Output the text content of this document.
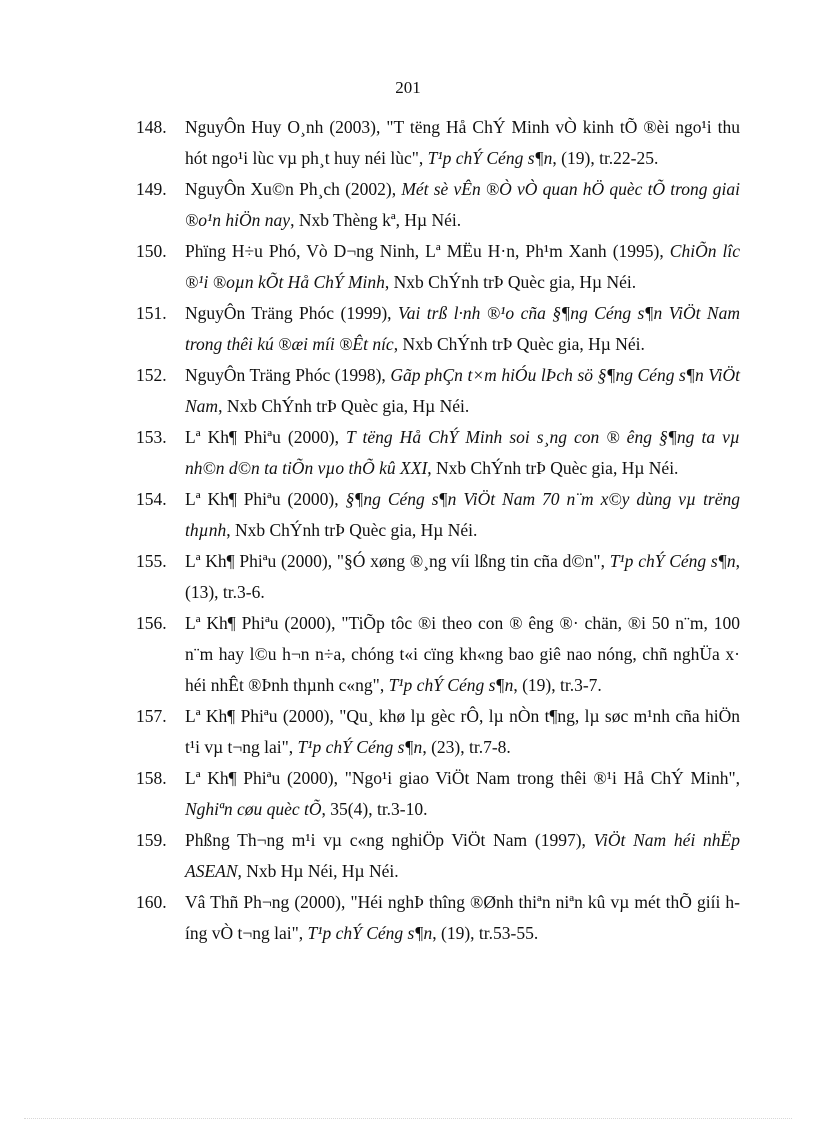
201
148.	NguyÔn Huy O¸nh (2003), "T tëng Hå ChÝ Minh vÒ kinh tÕ ®èi ngo¹i thu hót ngo¹i lùc vµ ph¸t huy néi lùc", T¹p chÝ Céng s¶n, (19), tr.22-25.
149.	NguyÔn Xu©n Ph¸ch (2002), Mét sè vÊn ®Ò vÒ quan hÖ quèc tÕ trong giai ®o¹n hiÖn nay, Nxb Thèng kª, Hµ Néi.
150.	Phïng H÷u Phó, Vò D¬ng Ninh, Lª MËu H·n, Ph¹m Xanh (1995), ChiÕn lîc ®¹i ®oµn kÕt Hå ChÝ Minh, Nxb ChÝnh trÞ Quèc gia, Hµ Néi.
151.	NguyÔn Träng Phóc (1999), Vai trß l·nh ®¹o cña §¶ng Céng s¶n ViÖt Nam trong thêi kú ®æi míi ®Êt níc, Nxb ChÝnh trÞ Quèc gia, Hµ Néi.
152.	NguyÔn Träng Phóc (1998), Gãp phÇn t×m hiÓu lÞch sö §¶ng Céng s¶n ViÖt Nam, Nxb ChÝnh trÞ Quèc gia, Hµ Néi.
153.	Lª Kh¶ Phiªu (2000), T tëng Hå ChÝ Minh soi s¸ng con ® êng §¶ng ta vµ nh©n d©n ta tiÕn vµo thÕ kû XXI, Nxb ChÝnh trÞ Quèc gia, Hµ Néi.
154.	Lª Kh¶ Phiªu (2000), §¶ng Céng s¶n ViÖt Nam 70 n¨m x©y dùng vµ trëng thµnh, Nxb ChÝnh trÞ Quèc gia, Hµ Néi.
155.	Lª Kh¶ Phiªu (2000), "§Ó xøng ®¸ng víi lßng tin cña d©n", T¹p chÝ Céng s¶n, (13), tr.3-6.
156.	Lª Kh¶ Phiªu (2000), "TiÕp tôc ®i theo con ® êng ®· chän, ®i 50 n¨m, 100 n¨m hay l©u h¬n n÷a, chóng t«i cïng kh«ng bao giê nao nóng, chñ nghÜa x· héi nhÊt ®Þnh thµnh c«ng", T¹p chÝ Céng s¶n, (19), tr.3-7.
157.	Lª Kh¶ Phiªu (2000), "Qu¸ khø lµ gèc rÔ, lµ nÒn t¶ng, lµ søc m¹nh cña hiÖn t¹i vµ t¬ng lai", T¹p chÝ Céng s¶n, (23), tr.7-8.
158.	Lª Kh¶ Phiªu (2000), "Ngo¹i giao ViÖt Nam trong thêi ®¹i Hå ChÝ Minh", Nghiªn cøu quèc tÕ, 35(4), tr.3-10.
159.	Phßng Th¬ng m¹i vµ c«ng nghiÖp ViÖt Nam (1997), ViÖt Nam héi nhËp ASEAN, Nxb Hµ Néi, Hµ Néi.
160.	Vâ Thñ Ph¬ng (2000), "Héi nghÞ thîng ®Ønh thiªn niªn kû vµ mét thÕ giíi híng vÒ t¬ng lai", T¹p chÝ Céng s¶n, (19), tr.53-55.
